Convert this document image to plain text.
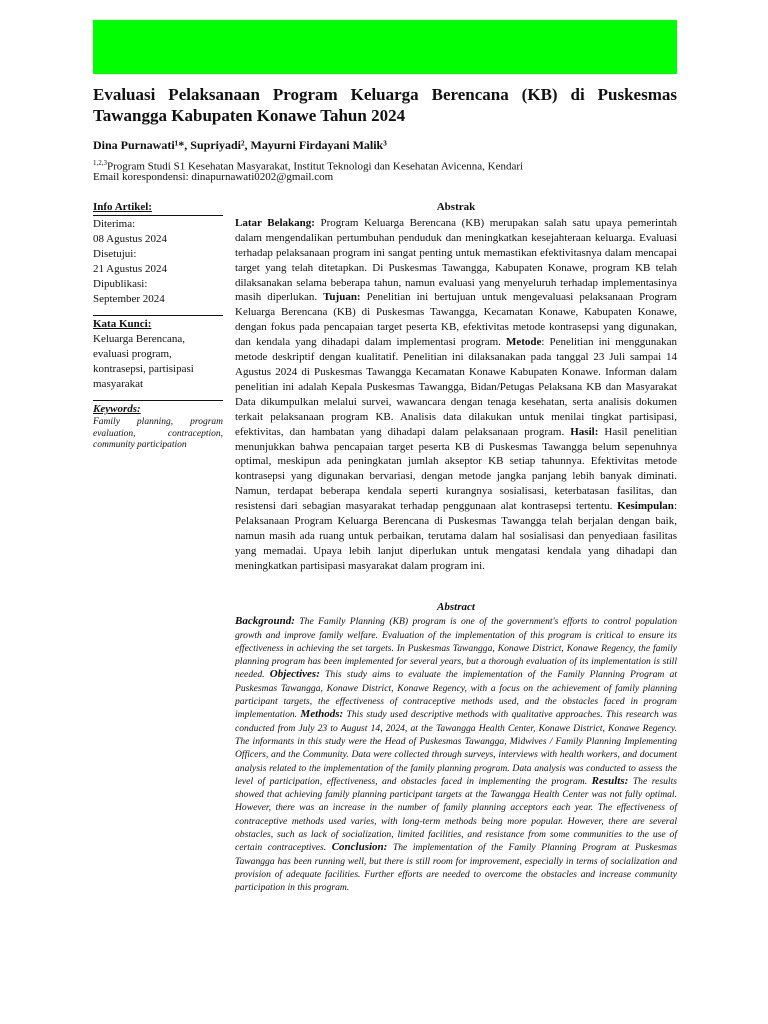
Evaluasi Pelaksanaan Program Keluarga Berencana (KB) di Puskesmas Tawangga Kabupaten Konawe Tahun 2024

Dina Purnawati¹*, Supriyadi², Mayurni Firdayani Malik³

$^{1,2,3}$Program Studi S1 Kesehatan Masyarakat, Institut Teknologi dan Kesehatan Avicenna, Kendari

Email korespondensi: dinapurnawati0202@gmail.com

Info Artikel:

Diterima:

08 Agustus 2024

Disetujui:

21 Agustus 2024

Dipublikasi:

September 2024

Kata Kunci:

Keluarga Berencana, evaluasi program, kontrasepsi, partisipasi masyarakat

Keywords:

Family planning, program evaluation, contraception, community participation

Abstrak

Latar Belakang: Program Keluarga Berencana (KB) merupakan salah satu upaya pemerintah dalam mengendalikan pertumbuhan penduduk dan meningkatkan kesejahteraan keluarga. Evaluasi terhadap pelaksanaan program ini sangat penting untuk memastikan efektivitasnya dalam mencapai target yang telah ditetapkan. Di Puskesmas Tawangga, Kabupaten Konawe, program KB telah dilaksanakan selama beberapa tahun, namun evaluasi yang menyeluruh terhadap implementasinya masih diperlukan. Tujuan: Penelitian ini bertujuan untuk mengevaluasi pelaksanaan Program Keluarga Berencana (KB) di Puskesmas Tawangga, Kecamatan Konawe, Kabupaten Konawe, dengan fokus pada pencapaian target peserta KB, efektivitas metode kontrasepsi yang digunakan, dan kendala yang dihadapi dalam implementasi program. Metode: Penelitian ini menggunakan metode deskriptif dengan kualitatif. Penelitian ini dilaksanakan pada tanggal 23 Juli sampai 14 Agustus 2024 di Puskesmas Tawangga Kecamatan Konawe Kabupaten Konawe. Informan dalam penelitian ini adalah Kepala Puskesmas Tawangga, Bidan/Petugas Pelaksana KB dan Masyarakat Data dikumpulkan melalui survei, wawancara dengan tenaga kesehatan, serta analisis dokumen terkait pelaksanaan program KB. Analisis data dilakukan untuk menilai tingkat partisipasi, efektivitas, dan hambatan yang dihadapi dalam pelaksanaan program. Hasil: Hasil penelitian menunjukkan bahwa pencapaian target peserta KB di Puskesmas Tawangga belum sepenuhnya optimal, meskipun ada peningkatan jumlah akseptor KB setiap tahunnya. Efektivitas metode kontrasepsi yang digunakan bervariasi, dengan metode jangka panjang lebih banyak diminati. Namun, terdapat beberapa kendala seperti kurangnya sosialisasi, keterbatasan fasilitas, dan resistensi dari sebagian masyarakat terhadap penggunaan alat kontrasepsi tertentu. Kesimpulan: Pelaksanaan Program Keluarga Berencana di Puskesmas Tawangga telah berjalan dengan baik, namun masih ada ruang untuk perbaikan, terutama dalam hal sosialisasi dan penyediaan fasilitas yang memadai. Upaya lebih lanjut diperlukan untuk mengatasi kendala yang dihadapi dan meningkatkan partisipasi masyarakat dalam program ini.

Abstract

Background: The Family Planning (KB) program is one of the government's efforts to control population growth and improve family welfare. Evaluation of the implementation of this program is critical to ensure its effectiveness in achieving the set targets. In Puskesmas Tawangga, Konawe District, Konawe Regency, the family planning program has been implemented for several years, but a thorough evaluation of its implementation is still needed. Objectives: This study aims to evaluate the implementation of the Family Planning Program at Puskesmas Tawangga, Konawe District, Konawe Regency, with a focus on the achievement of family planning participant targets, the effectiveness of contraceptive methods used, and the obstacles faced in program implementation. Methods: This study used descriptive methods with qualitative approaches. This research was conducted from July 23 to August 14, 2024, at the Tawangga Health Center, Konawe District, Konawe Regency. The informants in this study were the Head of Puskesmas Tawangga, Midwives / Family Planning Implementing Officers, and the Community. Data were collected through surveys, interviews with health workers, and document analysis related to the implementation of the family planning program. Data analysis was conducted to assess the level of participation, effectiveness, and obstacles faced in implementing the program. Results: The results showed that achieving family planning participant targets at the Tawangga Health Center was not fully optimal. However, there was an increase in the number of family planning acceptors each year. The effectiveness of contraceptive methods used varies, with long-term methods being more popular. However, there are several obstacles, such as lack of socialization, limited facilities, and resistance from some communities to the use of certain contraceptives. Conclusion: The implementation of the Family Planning Program at Puskesmas Tawangga has been running well, but there is still room for improvement, especially in terms of socialization and provision of adequate facilities. Further efforts are needed to overcome the obstacles and increase community participation in this program.
